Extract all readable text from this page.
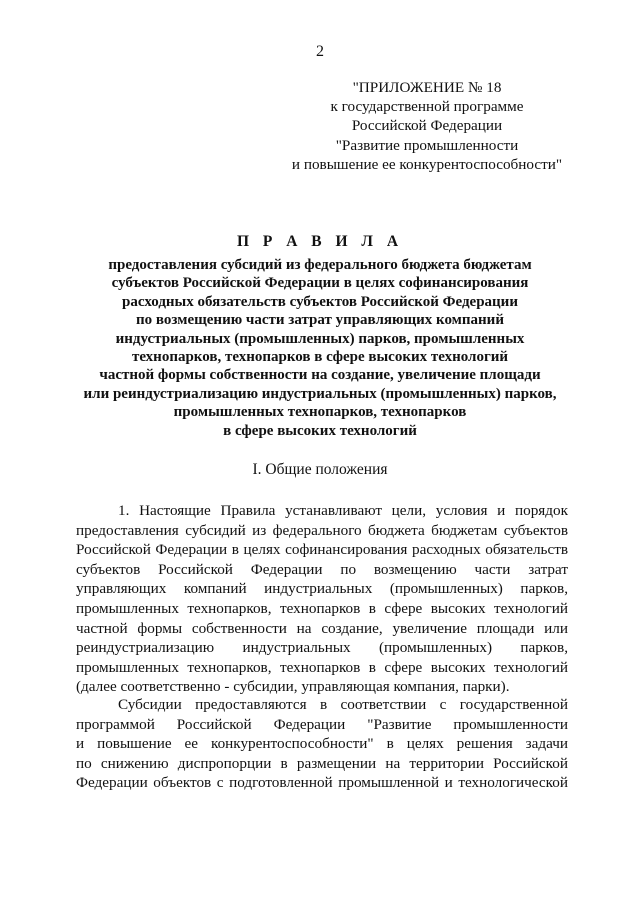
2
"ПРИЛОЖЕНИЕ № 18
к государственной программе
Российской Федерации
"Развитие промышленности
и повышение ее конкурентоспособности"
П Р А В И Л А
предоставления субсидий из федерального бюджета бюджетам
субъектов Российской Федерации в целях софинансирования
расходных обязательств субъектов Российской Федерации
по возмещению части затрат управляющих компаний
индустриальных (промышленных) парков, промышленных
технопарков, технопарков в сфере высоких технологий
частной формы собственности на создание, увеличение площади
или реиндустриализацию индустриальных (промышленных) парков,
промышленных технопарков, технопарков
в сфере высоких технологий
I. Общие положения
1. Настоящие Правила устанавливают цели, условия и порядок
предоставления субсидий из федерального бюджета бюджетам субъектов
Российской Федерации в целях софинансирования расходных обязательств
субъектов Российской Федерации по возмещению части затрат
управляющих компаний индустриальных (промышленных) парков,
промышленных технопарков, технопарков в сфере высоких технологий
частной формы собственности на создание, увеличение площади или
реиндустриализацию индустриальных (промышленных) парков,
промышленных технопарков, технопарков в сфере высоких технологий
(далее соответственно - субсидии, управляющая компания, парки).
Субсидии предоставляются в соответствии с государственной
программой Российской Федерации "Развитие промышленности
и повышение ее конкурентоспособности" в целях решения задачи
по снижению диспропорции в размещении на территории Российской
Федерации объектов с подготовленной промышленной и технологической
